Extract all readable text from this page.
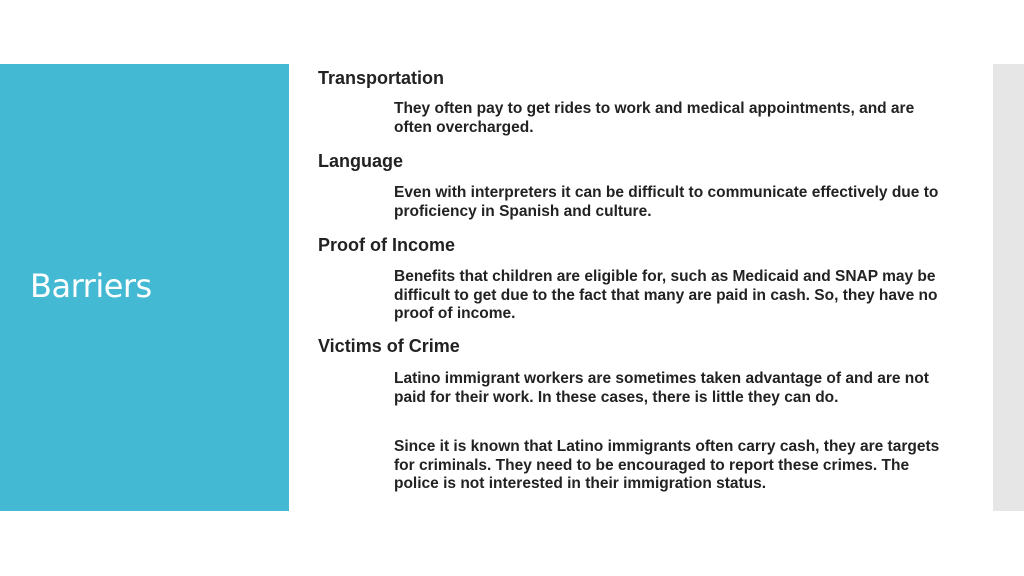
Barriers
Transportation
They often pay to get rides to work and medical appointments, and are often overcharged.
Language
Even with interpreters it can be difficult to communicate effectively due to proficiency in Spanish and culture.
Proof of Income
Benefits that children are eligible for, such as Medicaid and SNAP may be difficult to get due to the fact that many are paid in cash. So, they have no proof of income.
Victims of Crime
Latino immigrant workers are sometimes taken advantage of and are not paid for their work. In these cases, there is little they can do.
Since it is known that Latino immigrants often carry cash, they are targets for criminals. They need to be encouraged to report these crimes. The police is not interested in their immigration status.
